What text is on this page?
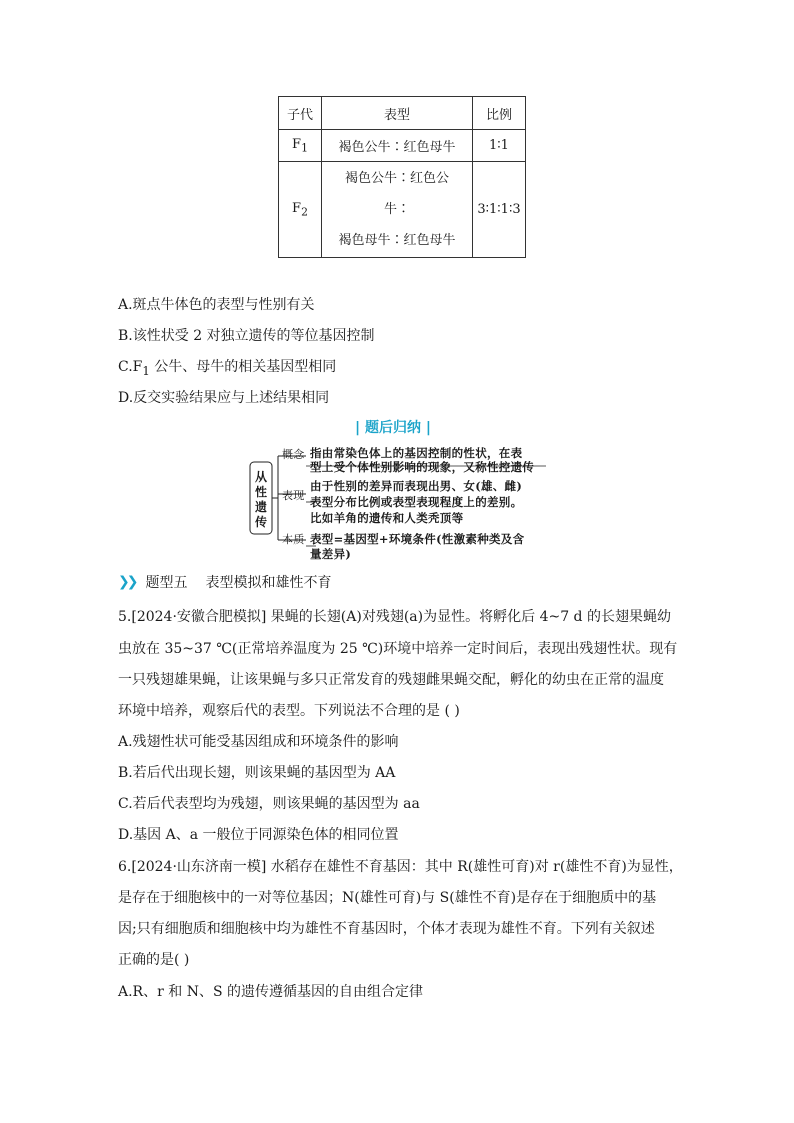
子代	表型	比例
$F_1$	褐色公牛∶红色母牛	1∶1
$F_2$	褐色公牛∶红色公
牛∶
褐色母牛∶红色母牛	3∶1∶1∶3
A.斑点牛体色的表型与性别有关
B.该性状受 2 对独立遗传的等位基因控制
$C.F_1$ 公牛、母牛的相关基因型相同
D.反交实验结果应与上述结果相同
| 题后归纳 |
从
性
遗
传
概念
表现
本质
指由常染色体上的基因控制的性状，在表
型上受个体性别影响的现象，又称性控遗传
由于性别的差异而表现出男、女(雄、雌)
表型分布比例或表型表现程度上的差别。
比如羊角的遗传和人类秃顶等
表型=基因型+环境条件(性激素种类及含
量差异)
❯❯ 题型五 表型模拟和雄性不育
5.[2024·安徽合肥模拟] 果蝇的长翅(A)对残翅(a)为显性。将孵化后 4~7 d 的长翅果蝇幼
虫放在 35~37 ℃(正常培养温度为 25 ℃)环境中培养一定时间后，表现出残翅性状。现有
一只残翅雄果蝇，让该果蝇与多只正常发育的残翅雌果蝇交配，孵化的幼虫在正常的温度
环境中培养，观察后代的表型。下列说法不合理的是 ( )
A.残翅性状可能受基因组成和环境条件的影响
B.若后代出现长翅，则该果蝇的基因型为 AA
C.若后代表型均为残翅，则该果蝇的基因型为 aa
D.基因 A、a 一般位于同源染色体的相同位置
6.[2024·山东济南一模] 水稻存在雄性不育基因：其中 R(雄性可育)对 r(雄性不育)为显性，
是存在于细胞核中的一对等位基因；N(雄性可育)与 S(雄性不育)是存在于细胞质中的基
因;只有细胞质和细胞核中均为雄性不育基因时，个体才表现为雄性不育。下列有关叙述
正确的是( )
A.R、r 和 N、S 的遗传遵循基因的自由组合定律
